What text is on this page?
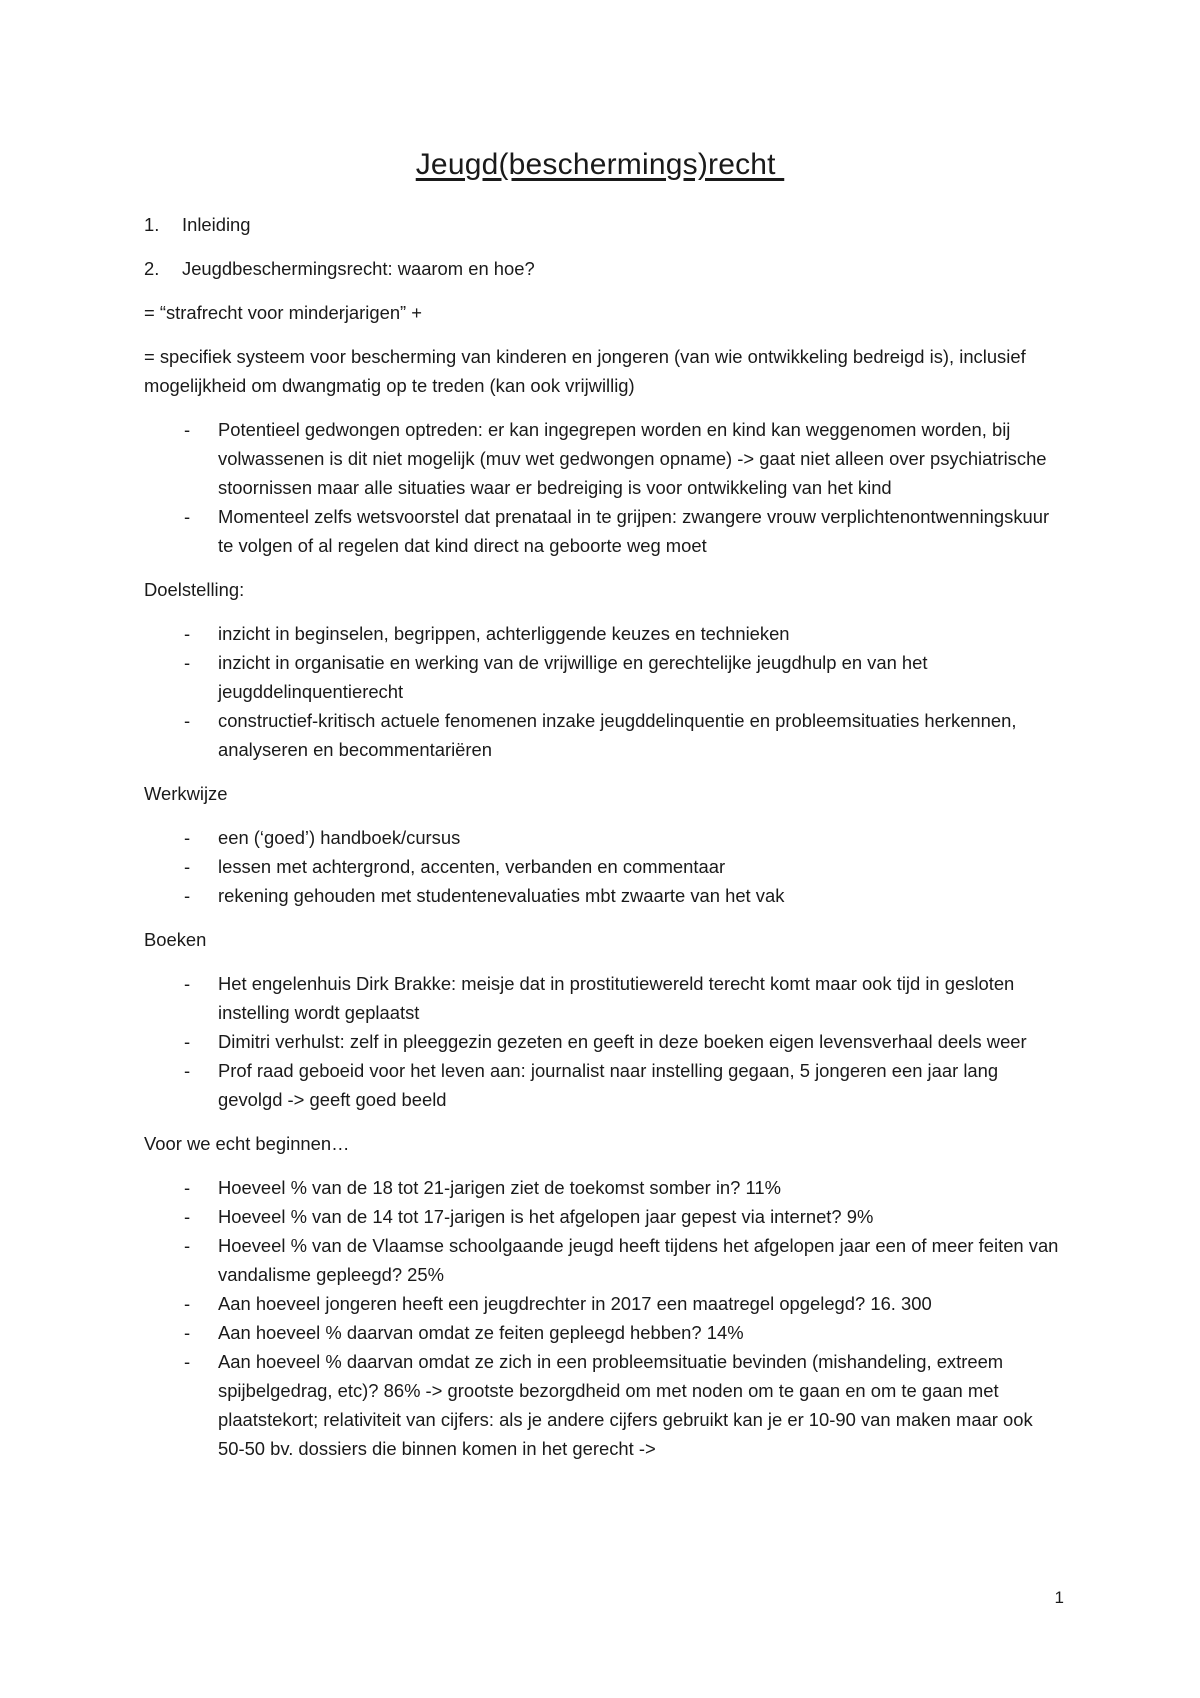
Jeugd(beschermings)recht
1.	Inleiding
2.	Jeugdbeschermingsrecht: waarom en hoe?

= “strafrecht voor minderjarigen” +

= specifiek systeem voor bescherming van kinderen en jongeren (van wie ontwikkeling bedreigd is), inclusief mogelijkheid om dwangmatig op te treden (kan ook vrijwillig)

- Potentieel gedwongen optreden: er kan ingegrepen worden en kind kan weggenomen worden, bij volwassenen is dit niet mogelijk (muv wet gedwongen opname) -> gaat niet alleen over psychiatrische stoornissen maar alle situaties waar er bedreiging is voor ontwikkeling van het kind
- Momenteel zelfs wetsvoorstel dat prenataal in te grijpen: zwangere vrouw verplichtenontwenningskuur te volgen of al regelen dat kind direct na geboorte weg moet
Doelstelling:
- inzicht in beginselen, begrippen, achterliggende keuzes en technieken
- inzicht in organisatie en werking van de vrijwillige en gerechtelijke jeugdhulp en van het jeugddelinquentierecht
- constructief-kritisch actuele fenomenen inzake jeugddelinquentie en probleemsituaties herkennen, analyseren en becommentariëren
Werkwijze
- een (‘goed’) handboek/cursus
- lessen met achtergrond, accenten, verbanden en commentaar
- rekening gehouden met studentenevaluaties mbt zwaarte van het vak
Boeken
- Het engelenhuis Dirk Brakke: meisje dat in prostitutiewereld terecht komt maar ook tijd in gesloten instelling wordt geplaatst
- Dimitri verhulst: zelf in pleeggezin gezeten en geeft in deze boeken eigen levensverhaal deels weer
- Prof raad geboeid voor het leven aan: journalist naar instelling gegaan, 5 jongeren een jaar lang gevolgd -> geeft goed beeld
Voor we echt beginnen…
- Hoeveel % van de 18 tot 21-jarigen ziet de toekomst somber in? 11%
- Hoeveel % van de 14 tot 17-jarigen is het afgelopen jaar gepest via internet? 9%
- Hoeveel % van de Vlaamse schoolgaande jeugd heeft tijdens het afgelopen jaar een of meer feiten van vandalisme gepleegd? 25%
- Aan hoeveel jongeren heeft een jeugdrechter in 2017 een maatregel opgelegd? 16. 300
- Aan hoeveel % daarvan omdat ze feiten gepleegd hebben? 14%
- Aan hoeveel % daarvan omdat ze zich in een probleemsituatie bevinden (mishandeling, extreem spijbelgedrag, etc)? 86% -> grootste bezorgdheid om met noden om te gaan en om te gaan met plaatstekort; relativiteit van cijfers: als je andere cijfers gebruikt kan je er 10-90 van maken maar ook 50-50 bv. dossiers die binnen komen in het gerecht ->
1
